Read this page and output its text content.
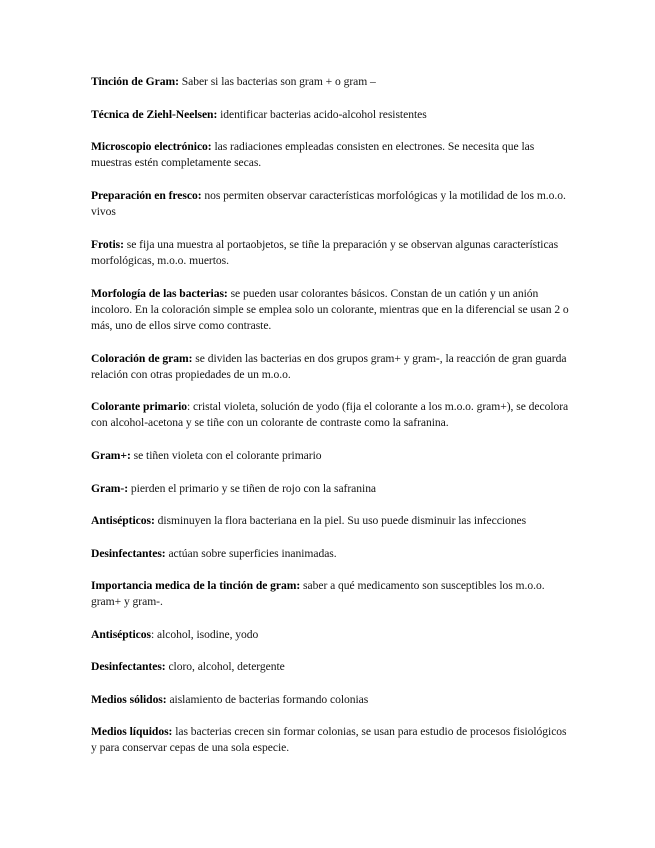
Tinción de Gram: Saber si las bacterias son gram + o gram –

Técnica de Ziehl-Neelsen: identificar bacterias acido-alcohol resistentes

Microscopio electrónico: las radiaciones empleadas consisten en electrones. Se necesita que las muestras estén completamente secas.

Preparación en fresco: nos permiten observar características morfológicas y la motilidad de los m.o.o. vivos

Frotis: se fija una muestra al portaobjetos, se tiñe la preparación y se observan algunas características morfológicas, m.o.o. muertos.

Morfología de las bacterias: se pueden usar colorantes básicos. Constan de un catión y un anión incoloro. En la coloración simple se emplea solo un colorante, mientras que en la diferencial se usan 2 o más, uno de ellos sirve como contraste.

Coloración de gram: se dividen las bacterias en dos grupos gram+ y gram-, la reacción de gran guarda relación con otras propiedades de un m.o.o.

Colorante primario: cristal violeta, solución de yodo (fija el colorante a los m.o.o. gram+), se decolora con alcohol-acetona y se tiñe con un colorante de contraste como la safranina.

Gram+: se tiñen violeta con el colorante primario

Gram-: pierden el primario y se tiñen de rojo con la safranina

Antisépticos: disminuyen la flora bacteriana en la piel. Su uso puede disminuir las infecciones

Desinfectantes: actúan sobre superficies inanimadas.

Importancia medica de la tinción de gram: saber a qué medicamento son susceptibles los m.o.o. gram+ y gram-.

Antisépticos: alcohol, isodine, yodo

Desinfectantes: cloro, alcohol, detergente

Medios sólidos: aislamiento de bacterias formando colonias

Medios líquidos: las bacterias crecen sin formar colonias, se usan para estudio de procesos fisiológicos y para conservar cepas de una sola especie.
